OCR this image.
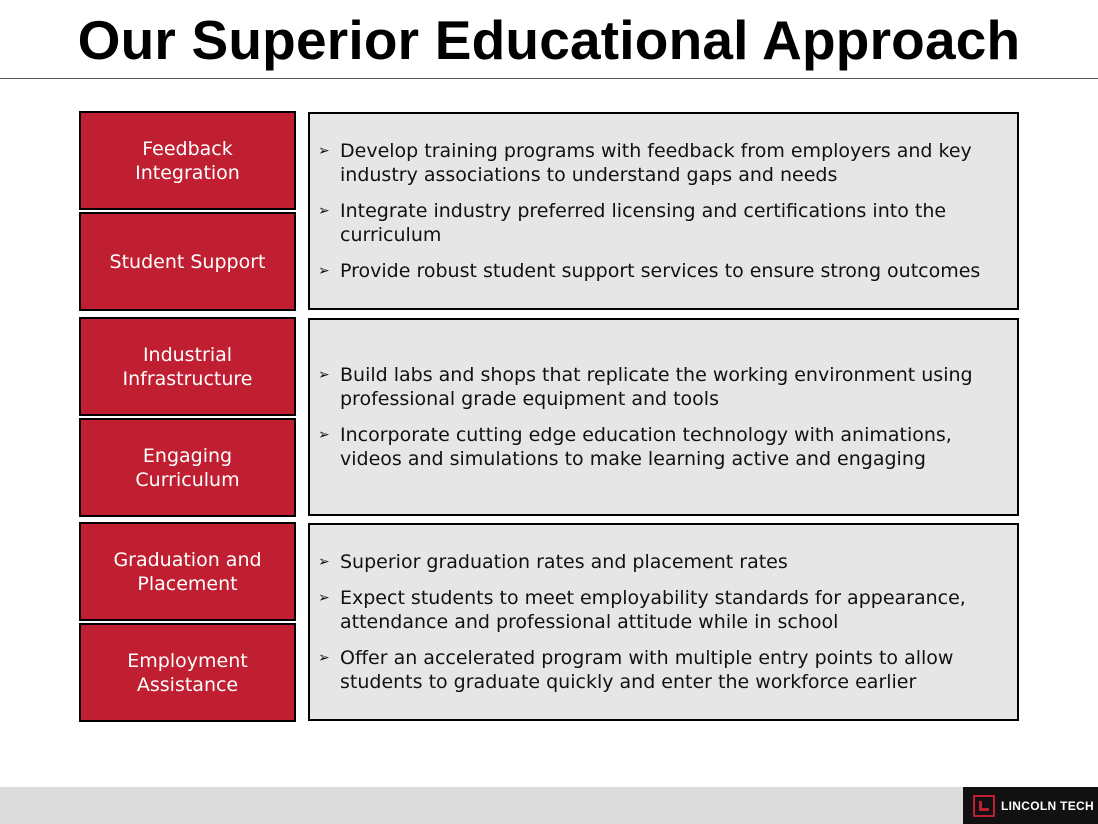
Our Superior Educational Approach
Feedback Integration
Student Support
➢ Develop training programs with feedback from employers and key industry associations to understand gaps and needs
➢ Integrate industry preferred licensing and certifications into the curriculum
➢ Provide robust student support services to ensure strong outcomes
Industrial Infrastructure
Engaging Curriculum
➢ Build labs and shops that replicate the working environment using professional grade equipment and tools
➢ Incorporate cutting edge education technology with animations, videos and simulations to make learning active and engaging
Graduation and Placement
Employment Assistance
➢ Superior graduation rates and placement rates
➢ Expect students to meet employability standards for appearance, attendance and professional attitude while in school
➢ Offer an accelerated program with multiple entry points to allow students to graduate quickly and enter the workforce earlier
LINCOLN TECH
